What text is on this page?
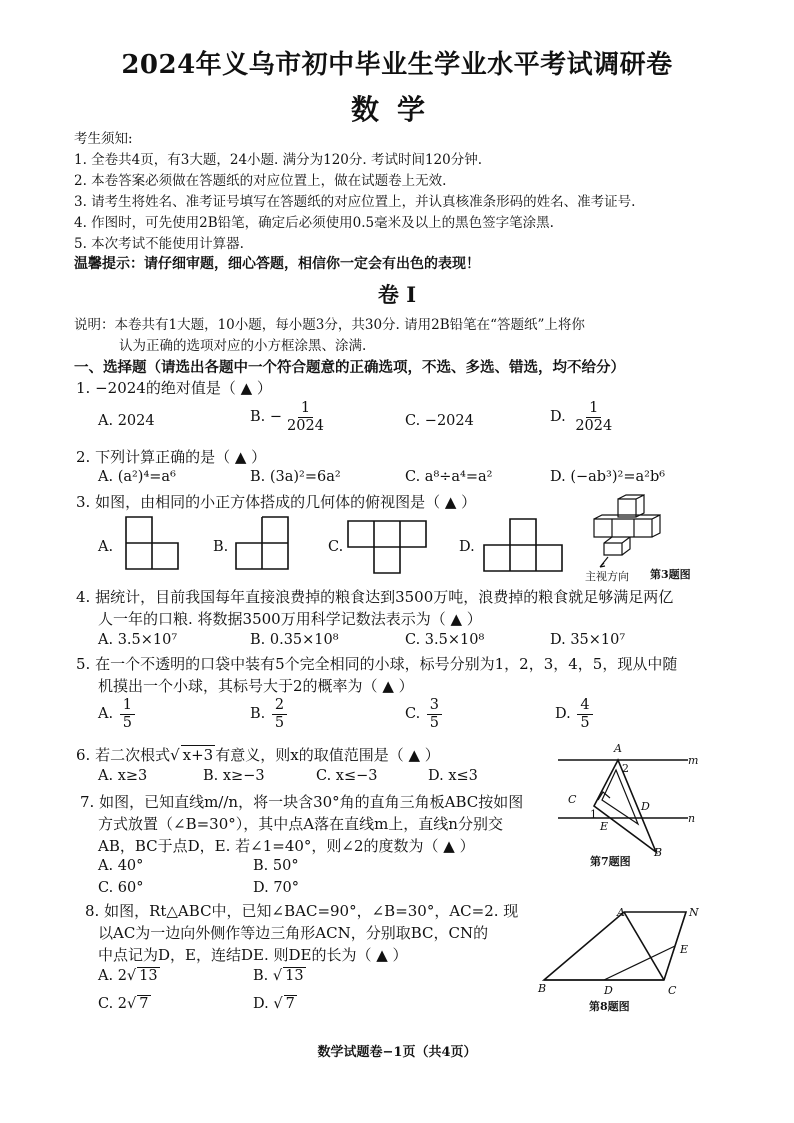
2024年义乌市初中毕业生学业水平考试调研卷
数学
考生须知:
1. 全卷共4页，有3大题，24小题. 满分为120分. 考试时间120分钟.
2. 本卷答案必须做在答题纸的对应位置上，做在试题卷上无效.
3. 请考生将姓名、准考证号填写在答题纸的对应位置上，并认真核准条形码的姓名、准考证号.
4. 作图时，可先使用2B铅笔，确定后必须使用0.5毫米及以上的黑色签字笔涂黑.
5. 本次考试不能使用计算器.
温馨提示：请仔细审题，细心答题，相信你一定会有出色的表现！
卷 Ⅰ
说明：本卷共有1大题，10小题，每小题3分，共30分. 请用2B铅笔在“答题纸”上将你
认为正确的选项对应的小方框涂黑、涂满.
一、选择题（请选出各题中一个符合题意的正确选项，不选、多选、错选，均不给分）
1. −2024的绝对值是（ ▲ ）
A. 2024	B. − $\frac{1}{2024}$	C. −2024	D. $\frac{1}{2024}$
2. 下列计算正确的是（ ▲ ）
A. (a²)⁴=a⁶	B. (3a)²=6a²	C. a⁸÷a⁴=a²	D. (−ab³)²=a²b⁶
3. 如图，由相同的小正方体搭成的几何体的俯视图是（ ▲ ）
A.	B.	C.	D.
主视方向 第3题图
4. 据统计，目前我国每年直接浪费掉的粮食达到3500万吨，浪费掉的粮食就足够满足两亿
人一年的口粮. 将数据3500万用科学记数法表示为（ ▲ ）
A. 3.5×10⁷	B. 0.35×10⁸	C. 3.5×10⁸	D. 35×10⁷
5. 在一个不透明的口袋中装有5个完全相同的小球，标号分别为1，2，3，4，5，现从中随
机摸出一个小球，其标号大于2的概率为（ ▲ ）
A. $\frac{1}{5}$	B. $\frac{2}{5}$	C. $\frac{3}{5}$	D. $\frac{4}{5}$
6. 若二次根式 √ x+3 有意义，则x的取值范围是（ ▲ ）
A. x≥3	B. x≥−3	C. x≤−3	D. x≤3
7. 如图，已知直线m//n，将一块含30°角的直角三角板ABC按如图
方式放置（∠B=30°），其中点A落在直线m上，直线n分别交
AB，BC于点D，E. 若∠1=40°，则∠2的度数为（ ▲ ）
A. 40°	B. 50°
C. 60°	D. 70°
A
2
m
C
D
1	n
E
B
第7题图
8. 如图，Rt△ABC中，已知∠BAC=90°，∠B=30°，AC=2. 现
以AC为一边向外侧作等边三角形ACN，分别取BC，CN的
中点记为D，E，连结DE. 则DE的长为（ ▲ ）
A. 2 √ 13	B. √ 13
C. 2 √ 7	D. √ 7
A	N
E
B	D	C
第8题图
数学试题卷−1页（共4页）
